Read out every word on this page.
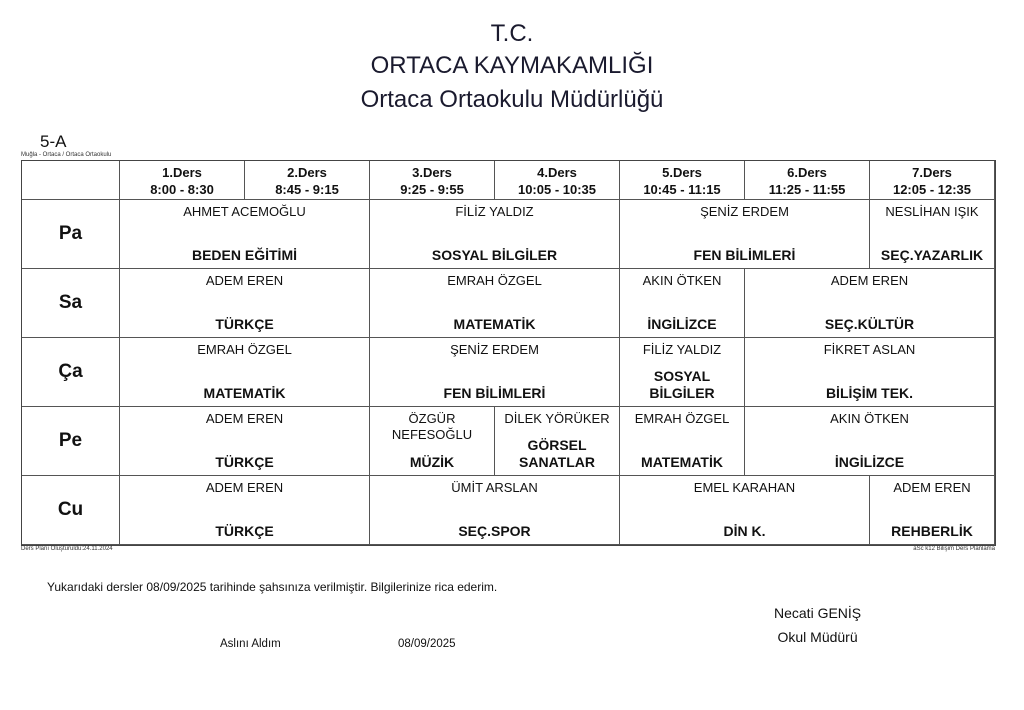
T.C.
ORTACA KAYMAKAMLIĞI
Ortaca Ortaokulu Müdürlüğü
5-A
Muğla - Ortaca / Ortaca Ortaokulu
1.Ders
8:00 - 8:30
2.Ders
8:45 - 9:15
3.Ders
9:25 - 9:55
4.Ders
10:05 - 10:35
5.Ders
10:45 - 11:15
6.Ders
11:25 - 11:55
7.Ders
12:05 - 12:35
Pa
AHMET ACEMOĞLU
BEDEN EĞİTİMİ
FİLİZ YALDIZ
SOSYAL BİLGİLER
ŞENİZ ERDEM
FEN BİLİMLERİ
NESLİHAN IŞIK
SEÇ.YAZARLIK
Sa
ADEM EREN
TÜRKÇE
EMRAH ÖZGEL
MATEMATİK
AKIN ÖTKEN
İNGİLİZCE
ADEM EREN
SEÇ.KÜLTÜR
Ça
EMRAH ÖZGEL
MATEMATİK
ŞENİZ ERDEM
FEN BİLİMLERİ
FİLİZ YALDIZ
SOSYAL BİLGİLER
FİKRET ASLAN
BİLİŞİM TEK.
Pe
ADEM EREN
TÜRKÇE
ÖZGÜR NEFESOĞLU
MÜZİK
DİLEK YÖRÜKER
GÖRSEL SANATLAR
EMRAH ÖZGEL
MATEMATİK
AKIN ÖTKEN
İNGİLİZCE
Cu
ADEM EREN
TÜRKÇE
ÜMİT ARSLAN
SEÇ.SPOR
EMEL KARAHAN
DİN K.
ADEM EREN
REHBERLİK
Ders Planı Oluşturuldu:24.11.2024	aSc k12 Bilişim Ders Planlama
Yukarıdaki dersler 08/09/2025 tarihinde şahsınıza verilmiştir. Bilgilerinize rica ederim.
Necati GENİŞ
Okul Müdürü
Aslını Aldım	08/09/2025
